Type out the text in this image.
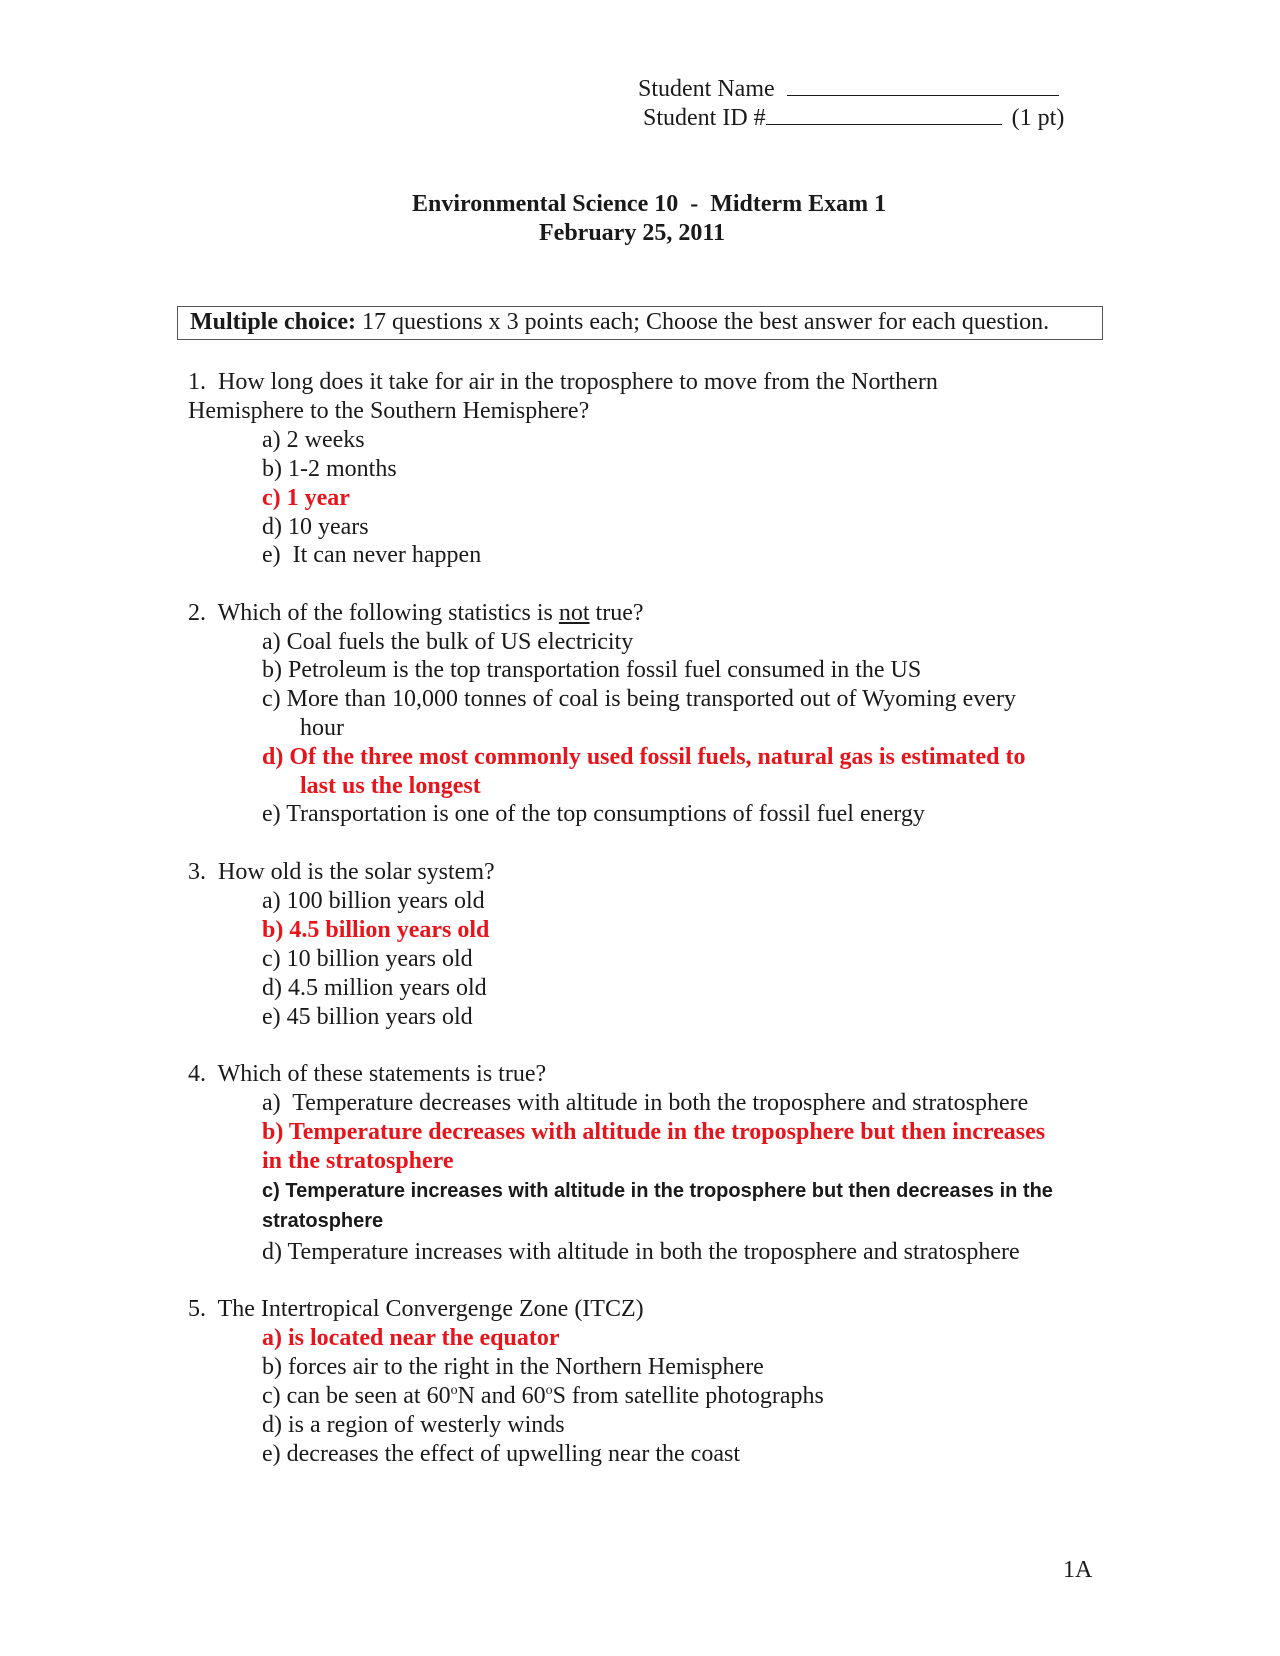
Student Name
Student ID #	(1 pt)
Environmental Science 10  -  Midterm Exam 1
February 25, 2011
Multiple choice: 17 questions x 3 points each; Choose the best answer for each question.
1.  How long does it take for air in the troposphere to move from the Northern
Hemisphere to the Southern Hemisphere?
a) 2 weeks
b) 1-2 months
c) 1 year
d) 10 years
e)  It can never happen
2.  Which of the following statistics is not true?
a) Coal fuels the bulk of US electricity
b) Petroleum is the top transportation fossil fuel consumed in the US
c) More than 10,000 tonnes of coal is being transported out of Wyoming every
hour
d) Of the three most commonly used fossil fuels, natural gas is estimated to
last us the longest
e) Transportation is one of the top consumptions of fossil fuel energy
3.  How old is the solar system?
a) 100 billion years old
b) 4.5 billion years old
c) 10 billion years old
d) 4.5 million years old
e) 45 billion years old
4.  Which of these statements is true?
a)  Temperature decreases with altitude in both the troposphere and stratosphere
b) Temperature decreases with altitude in the troposphere but then increases
in the stratosphere
c) Temperature increases with altitude in the troposphere but then decreases in the
stratosphere
d) Temperature increases with altitude in both the troposphere and stratosphere
5.  The Intertropical Convergenge Zone (ITCZ)
a) is located near the equator
b) forces air to the right in the Northern Hemisphere
c) can be seen at 60$^o$N and 60$^o$S from satellite photographs
d) is a region of westerly winds
e) decreases the effect of upwelling near the coast
1A
